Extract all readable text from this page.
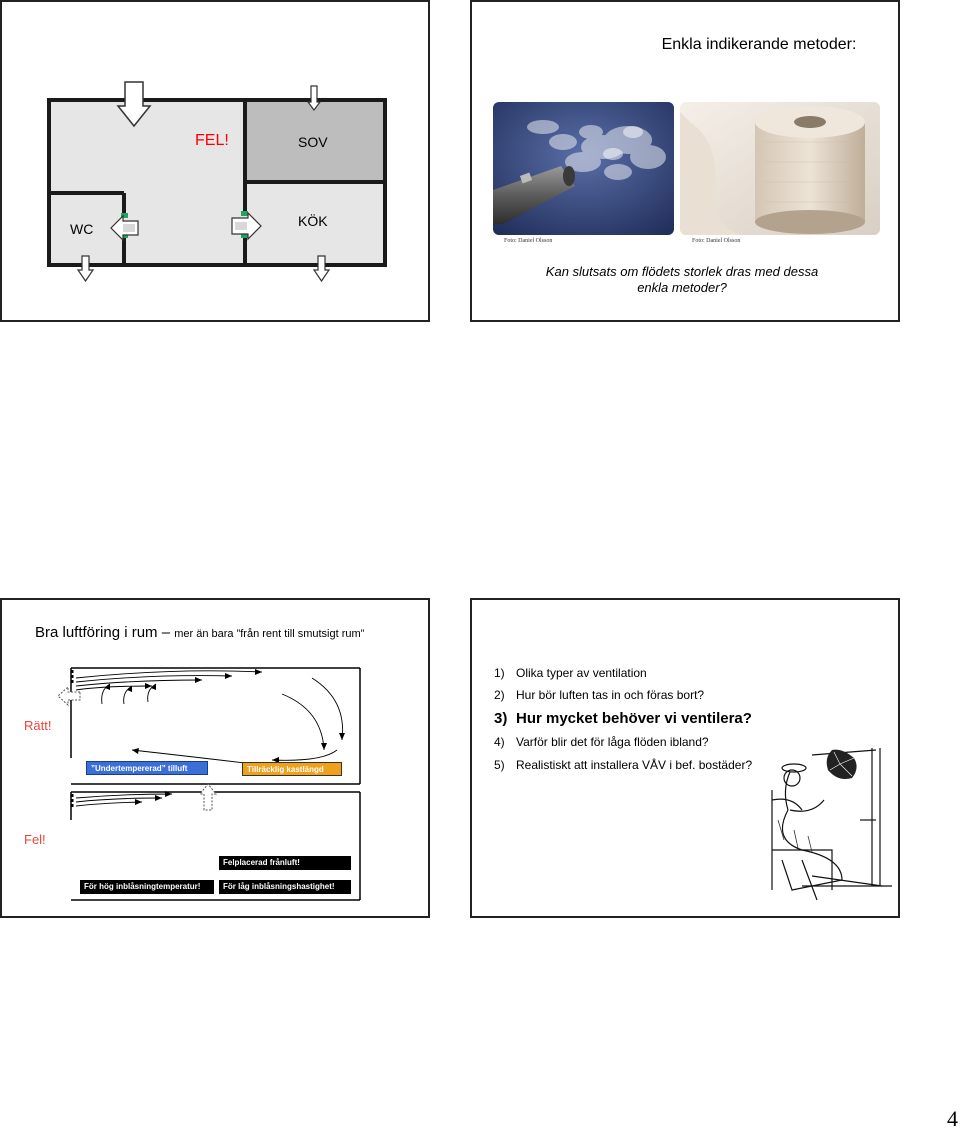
FEL!	SOV
WC	KÖK
Enkla indikerande metoder:
Foto: Daniel Olsson	Foto: Daniel Olsson
Kan slutsats om flödets storlek dras med dessa enkla metoder?
Bra luftföring i rum – mer än bara ”från rent till smutsigt rum”
Rätt!
Fel!
”Undertempererad” tilluft	Tillräcklig kastlängd
Felplacerad frånluft!
För hög inblåsningtemperatur!	För låg inblåsningshastighet!
1) Olika typer av ventilation
2) Hur bör luften tas in och föras bort?
3) Hur mycket behöver vi ventilera?
4) Varför blir det för låga flöden ibland?
5) Realistiskt att installera VÅV i bef. bostäder?
4
